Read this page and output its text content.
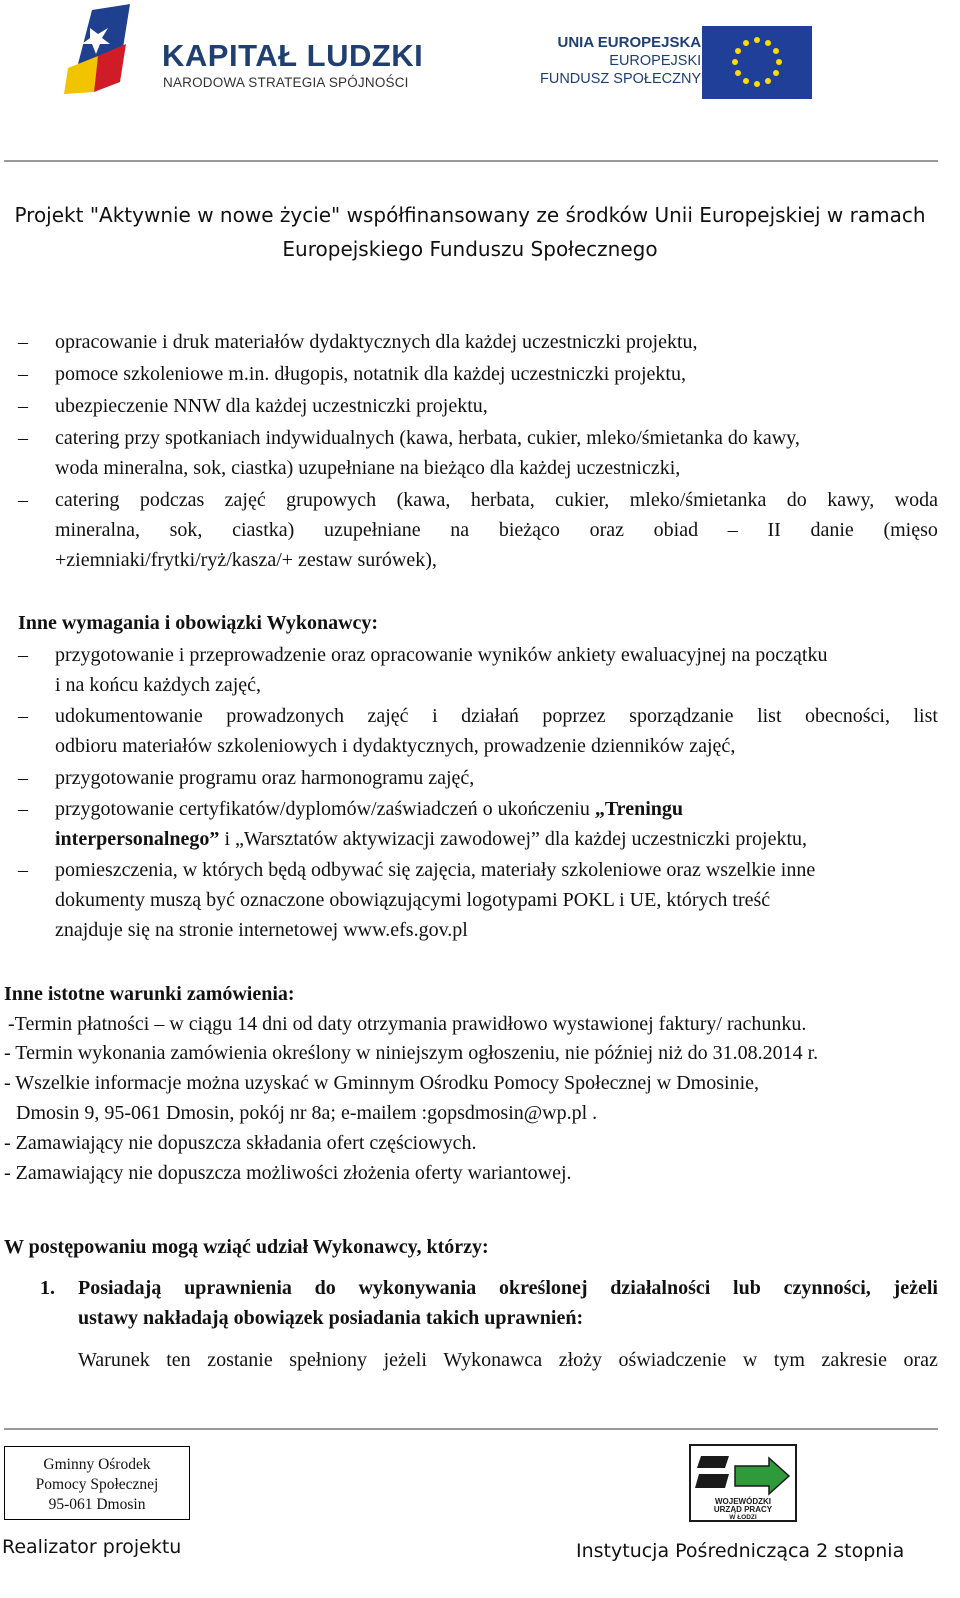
KAPITAŁ LUDZKI
NARODOWA STRATEGIA SPÓJNOŚCI
UNIA EUROPEJSKA
EUROPEJSKI
FUNDUSZ SPOŁECZNY
Projekt "Aktywnie w nowe życie" współfinansowany ze środków Unii Europejskiej w ramach
Europejskiego Funduszu Społecznego
– opracowanie i druk materiałów dydaktycznych dla każdej uczestniczki projektu,
– pomoce szkoleniowe m.in. długopis, notatnik dla każdej uczestniczki projektu,
– ubezpieczenie NNW dla każdej uczestniczki projektu,
– catering przy spotkaniach indywidualnych (kawa, herbata, cukier, mleko/śmietanka do kawy,
woda mineralna, sok, ciastka) uzupełniane na bieżąco dla każdej uczestniczki,
– catering podczas zajęć grupowych (kawa, herbata, cukier, mleko/śmietanka do kawy, woda
mineralna, sok, ciastka) uzupełniane na bieżąco oraz obiad – II danie (mięso
+ziemniaki/frytki/ryż/kasza/+ zestaw surówek),
Inne wymagania i obowiązki Wykonawcy:
– przygotowanie i przeprowadzenie oraz opracowanie wyników ankiety ewaluacyjnej na początku
i na końcu każdych zajęć,
– udokumentowanie prowadzonych zajęć i działań poprzez sporządzanie list obecności, list
odbioru materiałów szkoleniowych i dydaktycznych, prowadzenie dzienników zajęć,
– przygotowanie programu oraz harmonogramu zajęć,
– przygotowanie certyfikatów/dyplomów/zaświadczeń o ukończeniu „Treningu
interpersonalnego” i „Warsztatów aktywizacji zawodowej” dla każdej uczestniczki projektu,
– pomieszczenia, w których będą odbywać się zajęcia, materiały szkoleniowe oraz wszelkie inne
dokumenty muszą być oznaczone obowiązującymi logotypami POKL i UE, których treść
znajduje się na stronie internetowej www.efs.gov.pl
Inne istotne warunki zamówienia:
-Termin płatności – w ciągu 14 dni od daty otrzymania prawidłowo wystawionej faktury/ rachunku.
- Termin wykonania zamówienia określony w niniejszym ogłoszeniu, nie później niż do 31.08.2014 r.
- Wszelkie informacje można uzyskać w Gminnym Ośrodku Pomocy Społecznej w Dmosinie,
Dmosin 9, 95-061 Dmosin, pokój nr 8a; e-mailem :gopsdmosin@wp.pl .
- Zamawiający nie dopuszcza składania ofert częściowych.
- Zamawiający nie dopuszcza możliwości złożenia oferty wariantowej.
W postępowaniu mogą wziąć udział Wykonawcy, którzy:
1. Posiadają uprawnienia do wykonywania określonej działalności lub czynności, jeżeli
ustawy nakładają obowiązek posiadania takich uprawnień:
Warunek ten zostanie spełniony jeżeli Wykonawca złoży oświadczenie w tym zakresie oraz
Gminny Ośrodek
Pomocy Społecznej
95-061 Dmosin
Realizator projektu
WOJEWÓDZKI
URZĄD PRACY
W ŁODZI
Instytucja Pośrednicząca 2 stopnia
